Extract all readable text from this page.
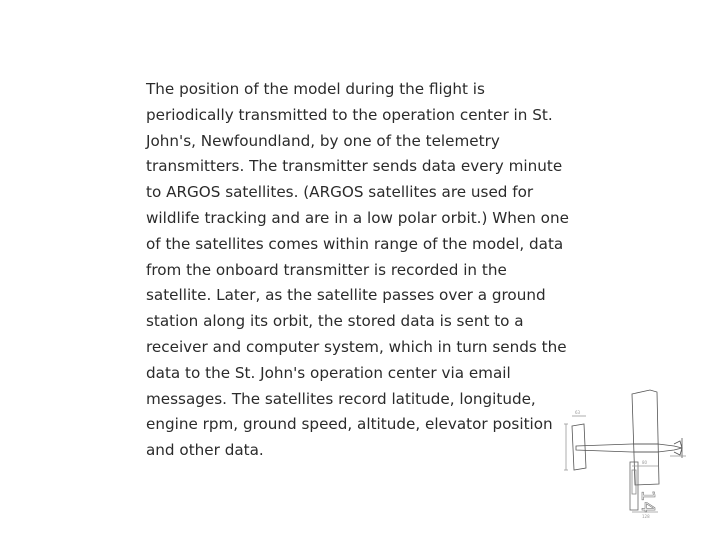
The position of the model during the flight is
periodically transmitted to the operation center in St.
John's, Newfoundland, by one of the telemetry
transmitters. The transmitter sends data every minute
to ARGOS satellites. (ARGOS satellites are used for
wildlife tracking and are in a low polar orbit.) When one
of the satellites comes within range of the model, data
from the onboard transmitter is recorded in the
satellite. Later, as the satellite passes over a ground
station along its orbit, the stored data is sent to a
receiver and computer system, which in turn sends the
data to the St. John's operation center via email
messages. The satellites record latitude, longitude,
engine rpm, ground speed, altitude, elevator position
and other data.
63
80
128
14
